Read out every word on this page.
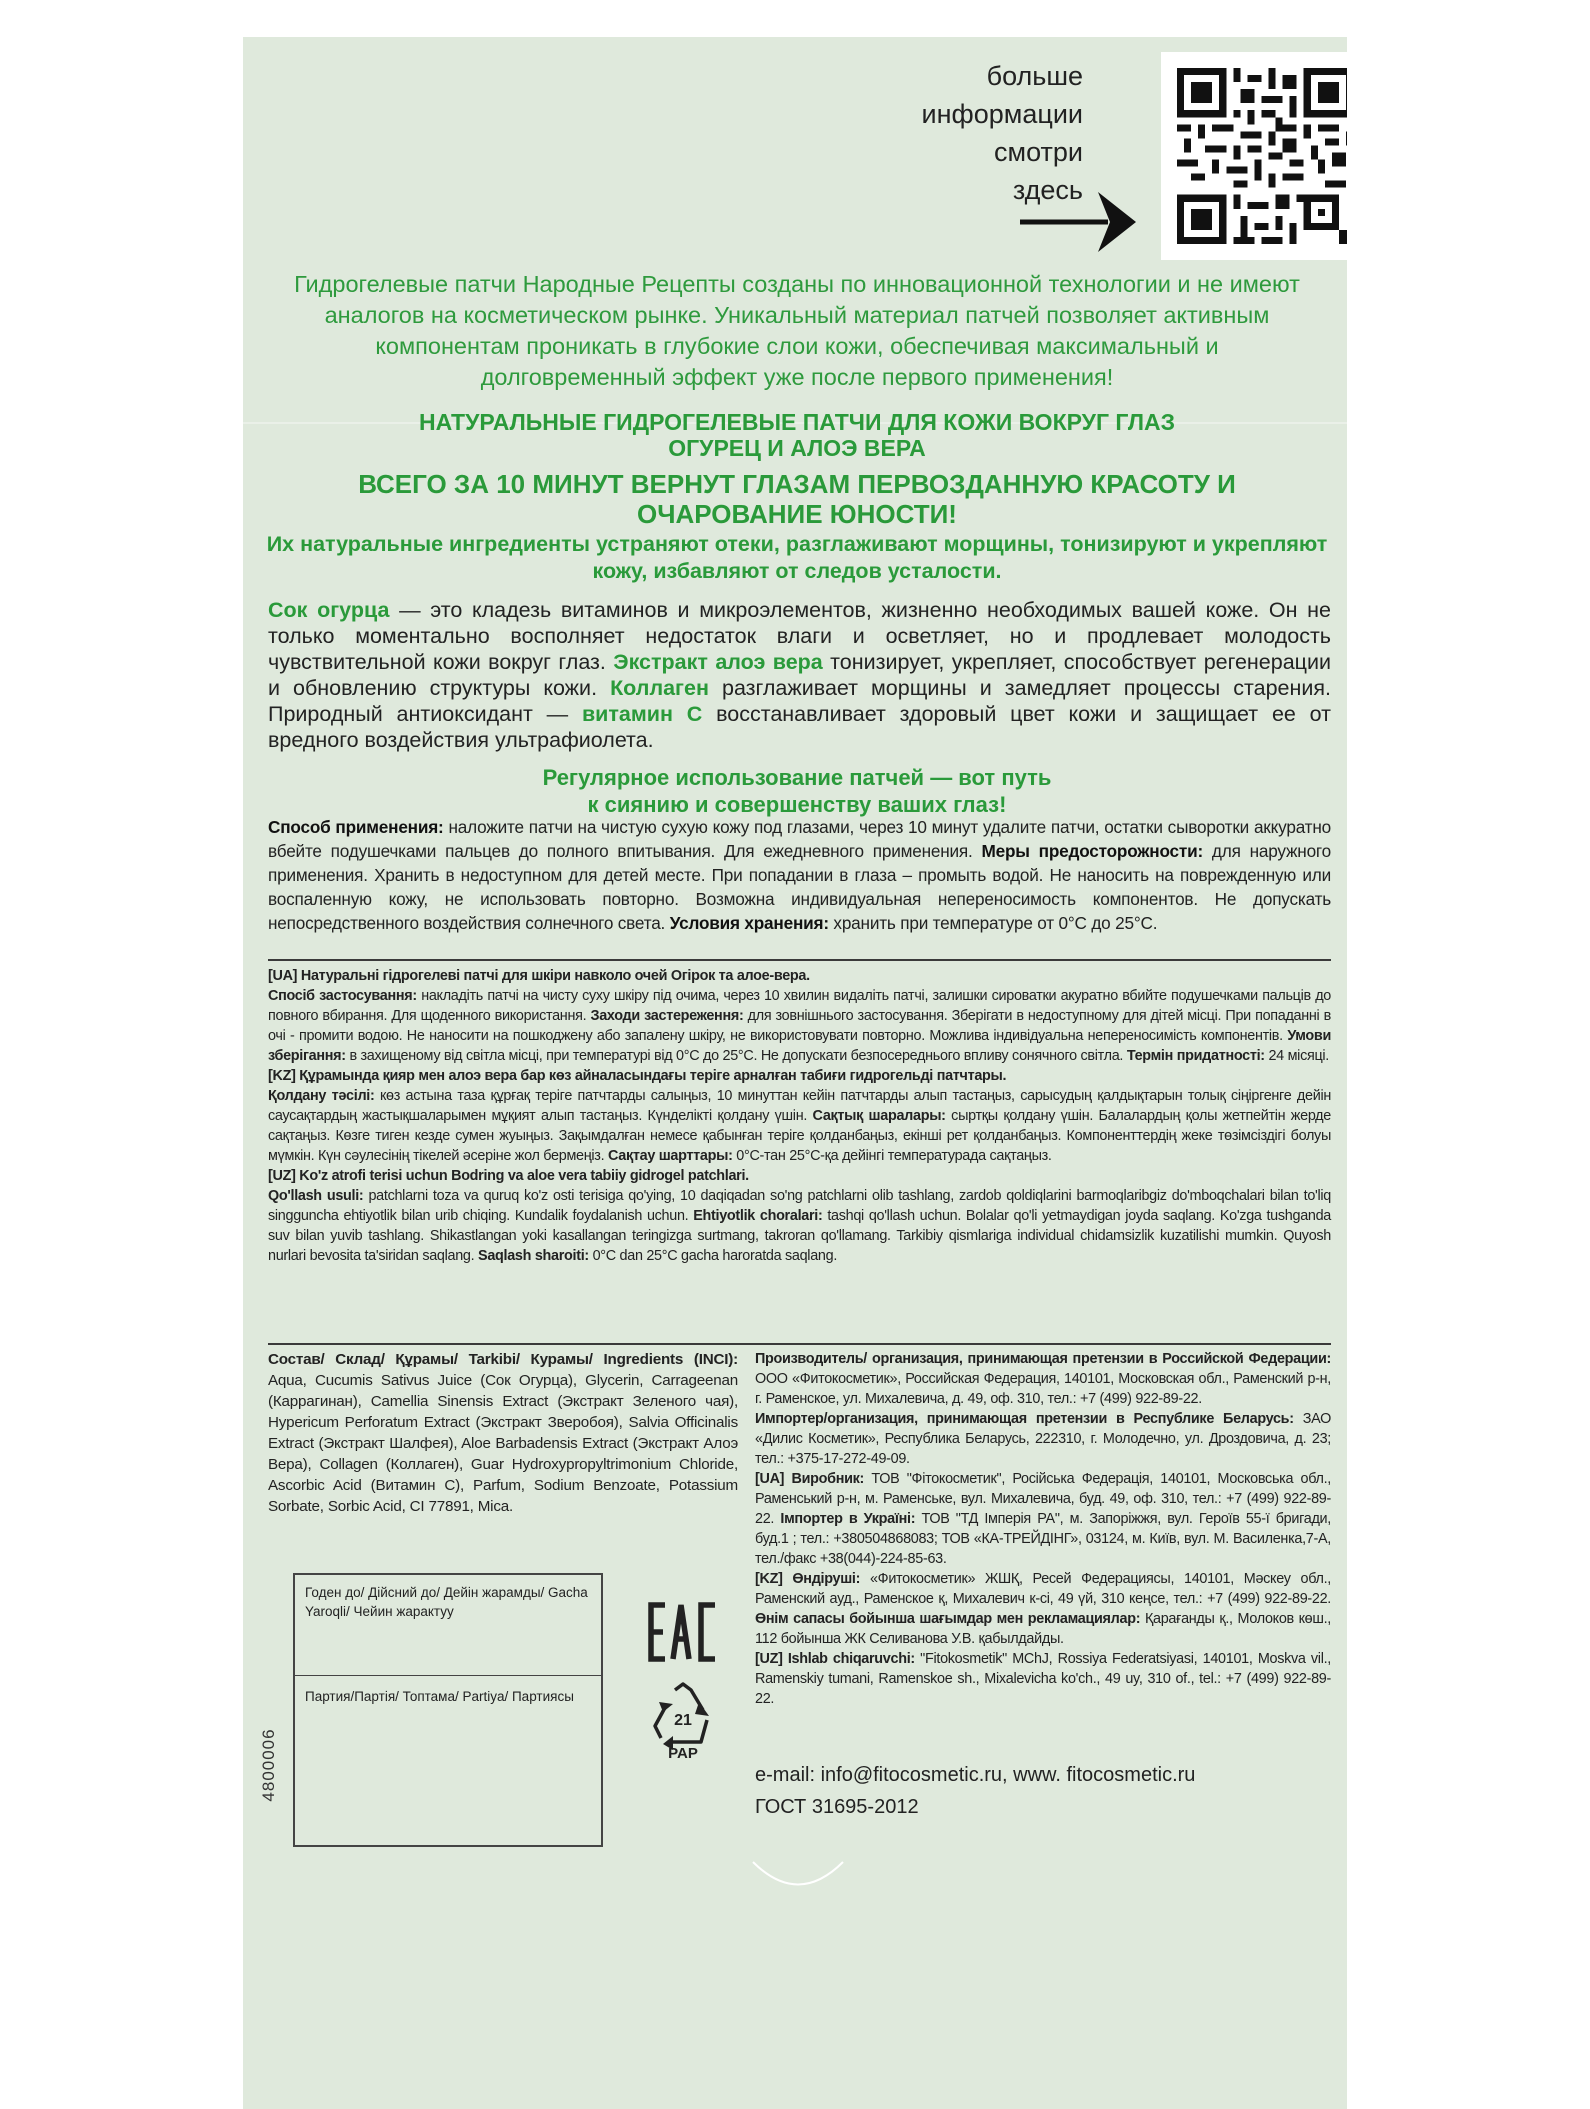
больше
информации смотри
здесь
Гидрогелевые патчи Народные Рецепты созданы по инновационной технологии и не имеют аналогов на косметическом рынке. Уникальный материал патчей позволяет активным компонентам проникать в глубокие слои кожи, обеспечивая максимальный и долговременный эффект уже после первого применения!
НАТУРАЛЬНЫЕ ГИДРОГЕЛЕВЫЕ ПАТЧИ ДЛЯ КОЖИ ВОКРУГ ГЛАЗ
ОГУРЕЦ И АЛОЭ ВЕРА
ВСЕГО ЗА 10 МИНУТ ВЕРНУТ ГЛАЗАМ ПЕРВОЗДАННУЮ КРАСОТУ И ОЧАРОВАНИЕ ЮНОСТИ!
Их натуральные ингредиенты устраняют отеки, разглаживают морщины, тонизируют и укрепляют кожу, избавляют от следов усталости.
Сок огурца — это кладезь витаминов и микроэлементов, жизненно необходимых вашей коже. Он не только моментально восполняет недостаток влаги и осветляет, но и продлевает молодость чувствительной кожи вокруг глаз. Экстракт алоэ вера тонизирует, укрепляет, способствует регенерации и обновлению структуры кожи. Коллаген разглаживает морщины и замедляет процессы старения. Природный антиоксидант — витамин С восстанавливает здоровый цвет кожи и защищает ее от вредного воздействия ультрафиолета.
Регулярное использование патчей — вот путь
к сиянию и совершенству ваших глаз!
Способ применения: наложите патчи на чистую сухую кожу под глазами, через 10 минут удалите патчи, остатки сыворотки аккуратно вбейте подушечками пальцев до полного впитывания. Для ежедневного применения. Меры предосторожности: для наружного применения. Хранить в недоступном для детей месте. При попадании в глаза – промыть водой. Не наносить на поврежденную или воспаленную кожу, не использовать повторно. Возможна индивидуальная непереносимость компонентов. Не допускать непосредственного воздействия солнечного света. Условия хранения: хранить при температуре от 0°С до 25°С.

[UA] Натуральні гідрогелеві патчі для шкіри навколо очей Огірок та алое-вера.
Спосіб застосування: накладіть патчі на чисту суху шкіру під очима, через 10 хвилин видаліть патчі, залишки сироватки акуратно вбийте подушечками пальців до повного вбирання. Для щоденного використання. Заходи застереження: для зовнішнього застосування. Зберігати в недоступному для дітей місці. При попаданні в очі - промити водою. Не наносити на пошкоджену або запалену шкіру, не використовувати повторно. Можлива індивідуальна непереносимість компонентів. Умови зберігання: в захищеному від світла місці, при температурі від 0°С до 25°С. Не допускати безпосереднього впливу сонячного світла. Термін придатності: 24 місяці.

[KZ] Құрамында қияр мен алоэ вера бар көз айналасындағы теріге арналған табиғи гидрогельді патчтары.
Қолдану тәсілі: көз астына таза құрғақ теріге патчтарды салыңыз, 10 минуттан кейін патчтарды алып тастаңыз, сарысудың қалдықтарын толық сіңіргенге дейін саусақтардың жастықшаларымен мұқият алып тастаңыз. Күнделікті қолдану үшін. Сақтық шаралары: сыртқы қолдану үшін. Балалардың қолы жетпейтін жерде сақтаңыз. Көзге тиген кезде сумен жуыңыз. Зақымдалған немесе қабынған теріге қолданбаңыз, екінші рет қолданбаңыз. Компоненттердің жеке төзімсіздігі болуы мүмкін. Күн сәулесінің тікелей әсеріне жол бермеңіз. Сақтау шарттары: 0°С-тан 25°С-қа дейінгі температурада сақтаңыз.

[UZ] Ko'z atrofi terisi uchun Bodring va aloe vera tabiiy gidrogel patchlari.
Qo'llash usuli: patchlarni toza va quruq ko'z osti terisiga qo'ying, 10 daqiqadan so'ng patchlarni olib tashlang, zardob qoldiqlarini barmoqlaribgiz do'mboqchalari bilan to'liq singguncha ehtiyotlik bilan urib chiqing. Kundalik foydalanish uchun. Ehtiyotlik choralari: tashqi qo'llash uchun. Bolalar qo'li yetmaydigan joyda saqlang. Ko'zga tushganda suv bilan yuvib tashlang. Shikastlangan yoki kasallangan teringizga surtmang, takroran qo'llamang. Tarkibiy qismlariga individual chidamsizlik kuzatilishi mumkin. Quyosh nurlari bevosita ta'siridan saqlang. Saqlash sharoiti: 0°C dan 25°C gacha haroratda saqlang.

Состав/ Склад/ Құрамы/ Tarkibi/ Курамы/ Ingredients (INCI): Aqua, Cucumis Sativus Juice (Сок Огурца), Glycerin, Carrageenan (Каррагинан), Camellia Sinensis Extract (Экстракт Зеленого чая), Hypericum Perforatum Extract (Экстракт Зверобоя), Salvia Officinalis Extract (Экстракт Шалфея), Aloe Barbadensis Extract (Экстракт Алоэ Вера), Collagen (Коллаген), Guar Hydroxypropyltrimonium Chloride, Ascorbic Acid (Витамин С), Parfum, Sodium Benzoate, Potassium Sorbate, Sorbic Acid, CI 77891, Mica.

Производитель/ организация, принимающая претензии в Российской Федерации: ООО «Фитокосметик», Российская Федерация, 140101, Московская обл., Раменский р-н, г. Раменское, ул. Михалевича, д. 49, оф. 310, тел.: +7 (499) 922-89-22.

Импортер/организация, принимающая претензии в Республике Беларусь: ЗАО «Дилис Косметик», Республика Беларусь, 222310, г. Молодечно, ул. Дроздовича, д. 23; тел.: +375-17-272-49-09.

[UA] Виробник: ТОВ "Фітокосметик", Російська Федерація, 140101, Московська обл., Раменський р-н, м. Раменське, вул. Михалевича, буд. 49, оф. 310, тел.: +7 (499) 922-89-22. Імпортер в Україні: ТОВ "ТД Імперія РА", м. Запоріжжя, вул. Героїв 55-ї бригади, буд.1 ; тел.: +380504868083; ТОВ «КА-ТРЕЙДІНГ», 03124, м. Київ, вул. М. Василенка,7-А, тел./факс +38(044)-224-85-63.

[KZ] Өндіруші: «Фитокосметик» ЖШҚ, Ресей Федерациясы, 140101, Мәскеу обл., Раменский ауд., Раменское қ, Михалевич к-сі, 49 үй, 310 кеңсе, тел.: +7 (499) 922-89-22. Өнім сапасы бойынша шағымдар мен рекламациялар: Қарағанды қ., Молоков көш., 112 бойынша ЖК Селиванова У.В. қабылдайды.

[UZ] Ishlab chiqaruvchi: "Fitokosmetik" MChJ, Rossiya Federatsiyasi, 140101, Moskva vil., Ramenskiy tumani, Ramenskoe sh., Mixalevicha ko'ch., 49 uy, 310 of., tel.: +7 (499) 922-89-22.

Годен до/ Дійсний до/ Дейін жарамды/ Gacha Yaroqli/ Чейин жарактуу
Партия/Партія/ Топтама/ Partiya/ Партиясы
4800006
21
PAP
e-mail: info@fitocosmetic.ru, www. fitocosmetic.ru
ГОСТ 31695-2012
